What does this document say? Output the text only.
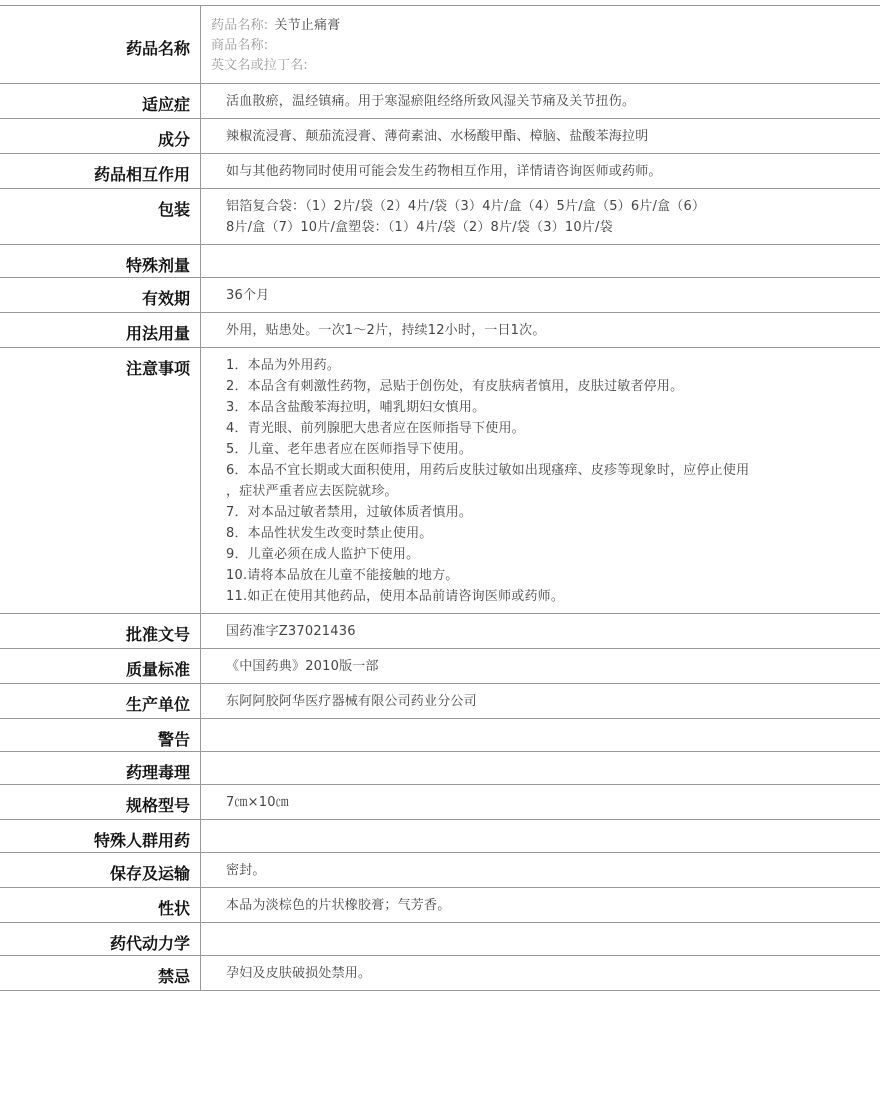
药品名称
药品名称: 关节止痛膏
商品名称:
英文名或拉丁名:
适应症	活血散瘀，温经镇痛。用于寒湿瘀阻经络所致风湿关节痛及关节扭伤。
成分	辣椒流浸膏、颠茄流浸膏、薄荷素油、水杨酸甲酯、樟脑、盐酸苯海拉明
药品相互作用	如与其他药物同时使用可能会发生药物相互作用，详情请咨询医师或药师。
包装	铝箔复合袋：（1）2片/袋（2）4片/袋（3）4片/盒（4）5片/盒（5）6片/盒（6）8片/盒（7）10片/盒塑袋：（1）4片/袋（2）8片/袋（3）10片/袋
特殊剂量
有效期	36个月
用法用量	外用，贴患处。一次1～2片，持续12小时，一日1次。
注意事项	1．本品为外用药。
2．本品含有刺激性药物，忌贴于创伤处，有皮肤病者慎用，皮肤过敏者停用。
3．本品含盐酸苯海拉明，哺乳期妇女慎用。
4．青光眼、前列腺肥大患者应在医师指导下使用。
5．儿童、老年患者应在医师指导下使用。
6．本品不宜长期或大面积使用，用药后皮肤过敏如出现瘙痒、皮疹等现象时，应停止使用
，症状严重者应去医院就珍。
7．对本品过敏者禁用，过敏体质者慎用。
8．本品性状发生改变时禁止使用。
9．儿童必须在成人监护下使用。
10.请将本品放在儿童不能接触的地方。
11.如正在使用其他药品，使用本品前请咨询医师或药师。
批准文号	国药准字Z37021436
质量标准	《中国药典》2010版一部
生产单位	东阿阿胶阿华医疗器械有限公司药业分公司
警告
药理毒理
规格型号	7㎝×10㎝
特殊人群用药
保存及运输	密封。
性状	本品为淡棕色的片状橡胶膏；气芳香。
药代动力学
禁忌	孕妇及皮肤破损处禁用。
